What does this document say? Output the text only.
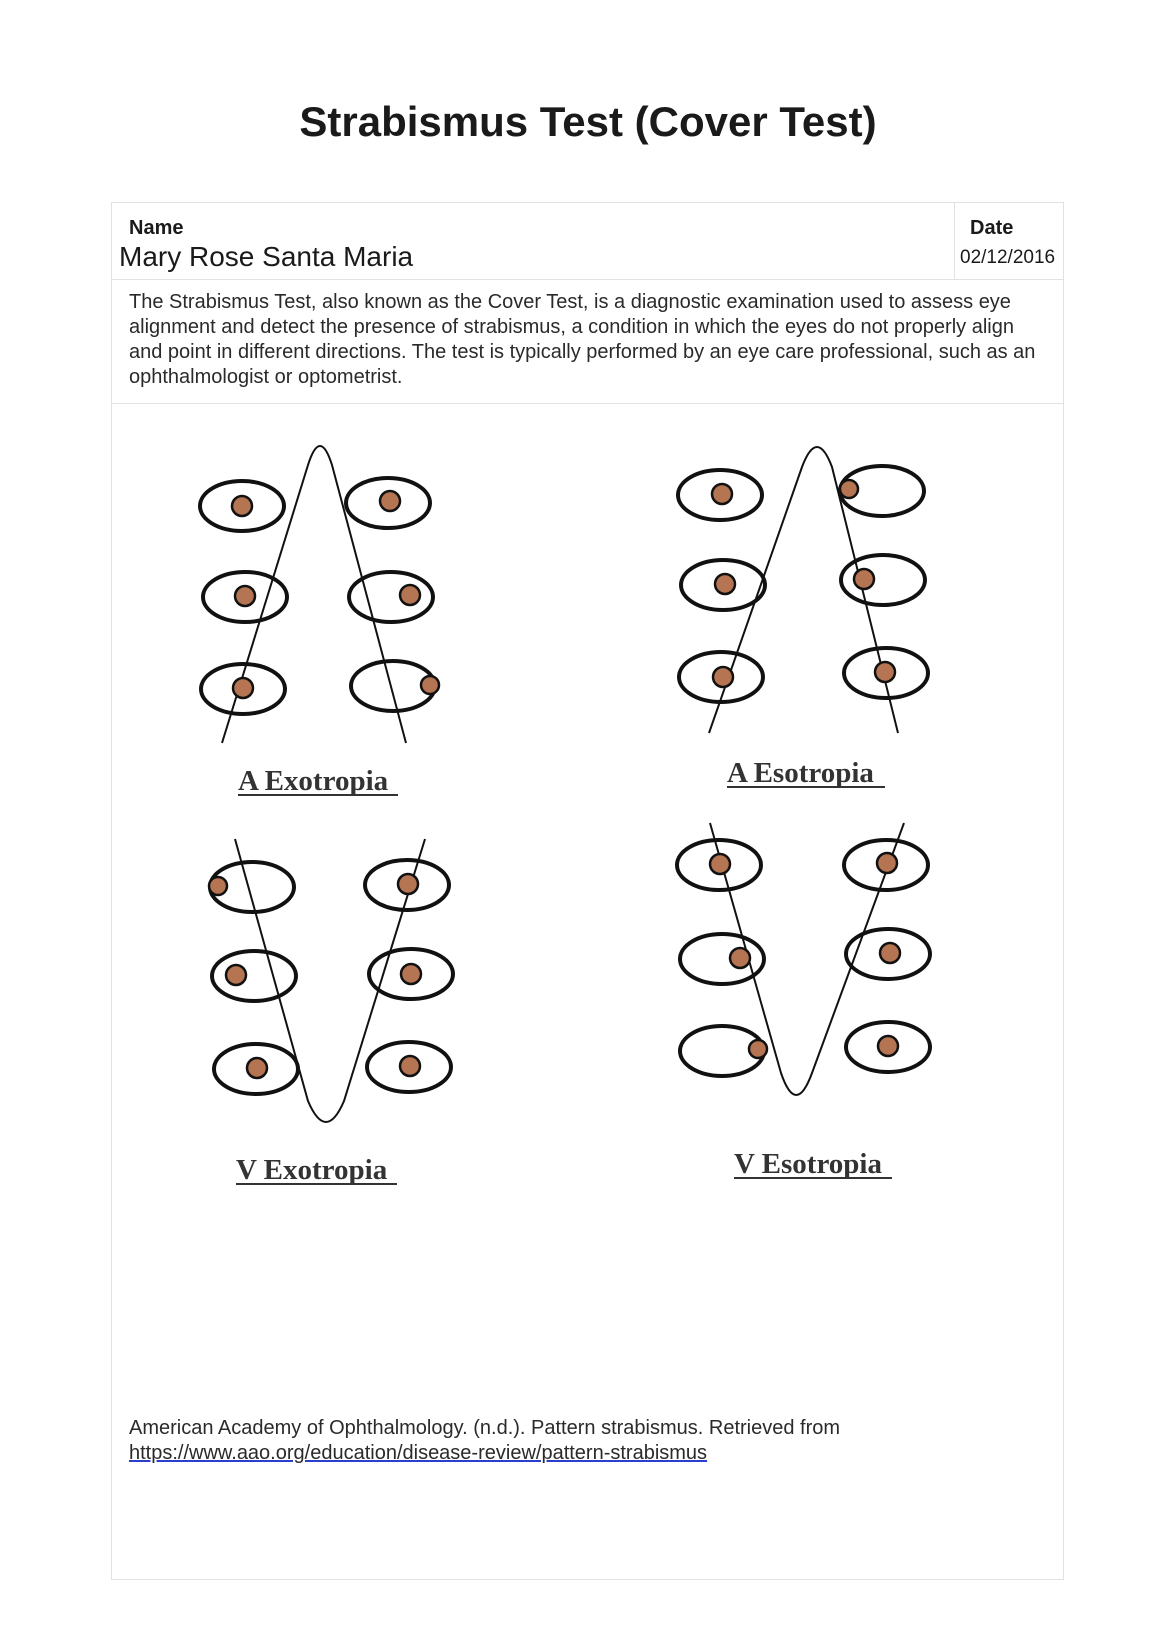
Strabismus Test (Cover Test)
Name
Mary Rose Santa Maria
Date
02/12/2016
The Strabismus Test, also known as the Cover Test, is a diagnostic examination used to assess eye alignment and detect the presence of strabismus, a condition in which the eyes do not properly align and point in different directions. The test is typically performed by an eye care professional, such as an ophthalmologist or optometrist.
A Exotropia	A Esotropia
V Exotropia	V Esotropia
American Academy of Ophthalmology. (n.d.). Pattern strabismus. Retrieved from
https://www.aao.org/education/disease-review/pattern-strabismus
